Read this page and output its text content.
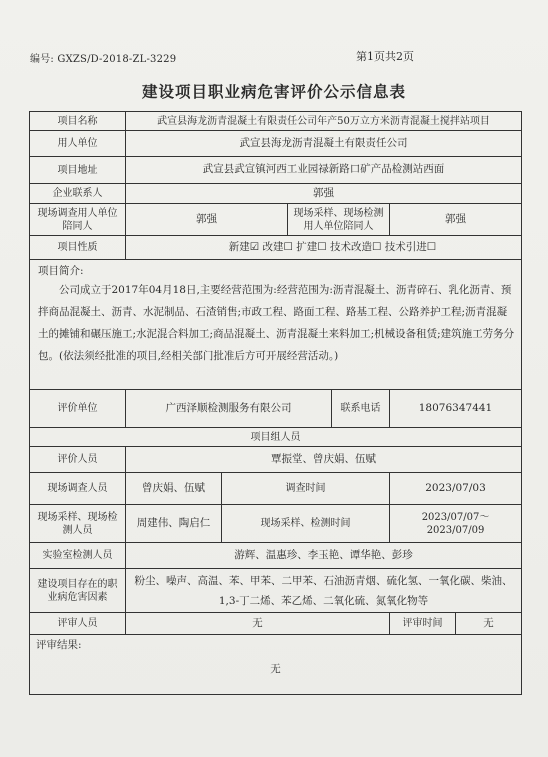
编号: GXZS/D-2018-ZL-3229	第1页共2页
建设项目职业病危害评价公示信息表
项目名称	武宣县海龙沥青混凝土有限责任公司年产50万立方米沥青混凝土搅拌站项目					
用人单位	武宣县海龙沥青混凝土有限责任公司					
项目地址	武宣县武宣镇河西工业园禄新路口矿产品检测站西面					
企业联系人	郭强					
现场调查用人单位陪同人	郭强		现场采样、现场检测用人单位陪同人		郭强	
项目性质	新建☑ 改建☐ 扩建☐ 技术改造☐ 技术引进☐					

项目简介:
公司成立于2017年04月18日,主要经营范围为:经营范围为:沥青混凝土、沥青碎石、乳化沥青、预拌商品混凝土、沥青、水泥制品、石渣销售;市政工程、路面工程、路基工程、公路养护工程;沥青混凝土的摊铺和碾压施工;水泥混合料加工;商品混凝土、沥青混凝土来料加工;机械设备租赁;建筑施工劳务分包。(依法须经批准的项目,经相关部门批准后方可开展经营活动。)						

评价单位	广西泽顺检测服务有限公司			联系电话	18076347441	
项目组人员						
评价人员	覃振堂、曾庆娟、伍赋					
现场调查人员	曾庆娟、伍赋	调查时间			2023/07/03	
现场采样、现场检测人员	周建伟、陶启仁	现场采样、检测时间			2023/07/07～2023/07/09	
实验室检测人员	游辉、温惠珍、李玉艳、谭华艳、彭珍					
建设项目存在的职业病危害因素	粉尘、噪声、高温、苯、甲苯、二甲苯、石油沥青烟、硫化氢、一氧化碳、柴油、1,3-丁二烯、苯乙烯、二氧化硫、氮氧化物等					
评审人员	无				评审时间	无

评审结果:
无						
